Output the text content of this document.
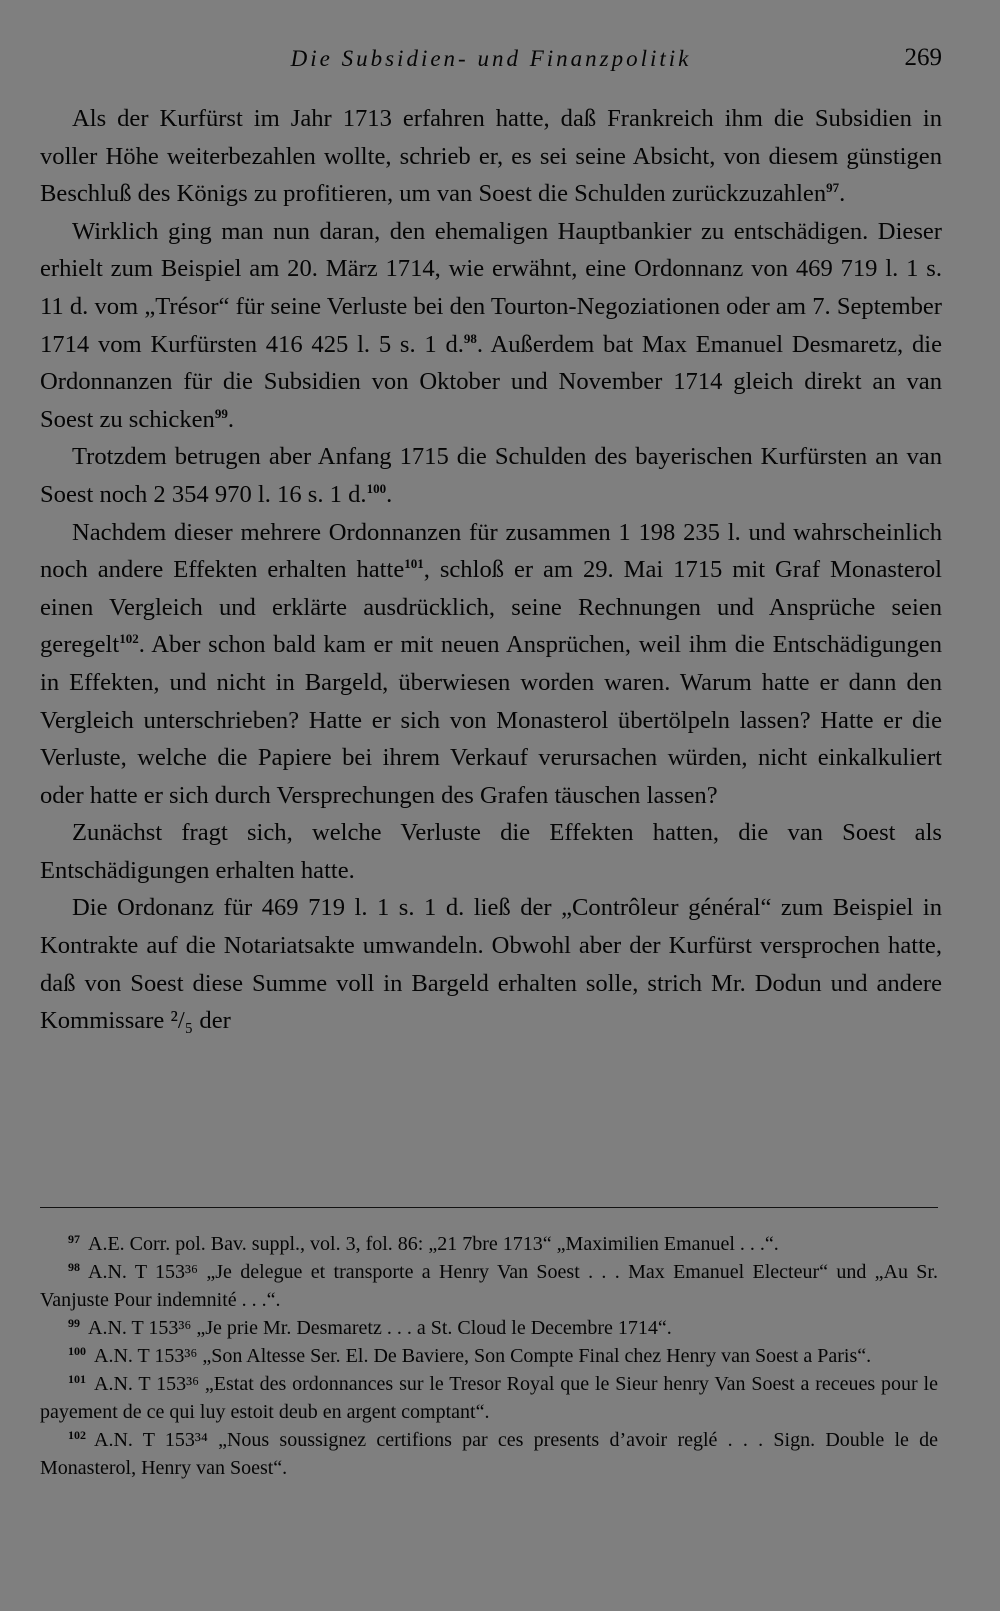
Die Subsidien- und Finanzpolitik	269

Als der Kurfürst im Jahr 1713 erfahren hatte, daß Frankreich ihm die Subsidien in voller Höhe weiterbezahlen wollte, schrieb er, es sei seine Absicht, von diesem günstigen Beschluß des Königs zu profitieren, um van Soest die Schulden zurückzuzahlen$^{97}$.

Wirklich ging man nun daran, den ehemaligen Hauptbankier zu entschädigen. Dieser erhielt zum Beispiel am 20. März 1714, wie erwähnt, eine Ordonnanz von 469 719 l. 1 s. 11 d. vom „Trésor“ für seine Verluste bei den Tourton-Negoziationen oder am 7. September 1714 vom Kurfürsten 416 425 l. 5 s. 1 d.$^{98}$. Außerdem bat Max Emanuel Desmaretz, die Ordonnanzen für die Subsidien von Oktober und November 1714 gleich direkt an van Soest zu schicken$^{99}$.

Trotzdem betrugen aber Anfang 1715 die Schulden des bayerischen Kurfürsten an van Soest noch 2 354 970 l. 16 s. 1 d.$^{100}$.

Nachdem dieser mehrere Ordonnanzen für zusammen 1 198 235 l. und wahrscheinlich noch andere Effekten erhalten hatte$^{101}$, schloß er am 29. Mai 1715 mit Graf Monasterol einen Vergleich und erklärte ausdrücklich, seine Rechnungen und Ansprüche seien geregelt$^{102}$. Aber schon bald kam er mit neuen Ansprüchen, weil ihm die Entschädigungen in Effekten, und nicht in Bargeld, überwiesen worden waren. Warum hatte er dann den Vergleich unterschrieben? Hatte er sich von Monasterol übertölpeln lassen? Hatte er die Verluste, welche die Papiere bei ihrem Verkauf verursachen würden, nicht einkalkuliert oder hatte er sich durch Versprechungen des Grafen täuschen lassen?

Zunächst fragt sich, welche Verluste die Effekten hatten, die van Soest als Entschädigungen erhalten hatte.

Die Ordonanz für 469 719 l. 1 s. 1 d. ließ der „Contrôleur général“ zum Beispiel in Kontrakte auf die Notariatsakte umwandeln. Obwohl aber der Kurfürst versprochen hatte, daß von Soest diese Summe voll in Bargeld erhalten solle, strich Mr. Dodun und andere Kommissare ²/₅ der

$^{97}$ A.E. Corr. pol. Bav. suppl., vol. 3, fol. 86: „21 7bre 1713“ „Maximilien Emanuel . . .“.

$^{98}$ A.N. T 153³⁶ „Je delegue et transporte a Henry Van Soest . . . Max Emanuel Electeur“ und „Au Sr. Vanjuste Pour indemnité . . .“.

$^{99}$ A.N. T 153³⁶ „Je prie Mr. Desmaretz . . . a St. Cloud le Decembre 1714“.

$^{100}$ A.N. T 153³⁶ „Son Altesse Ser. El. De Baviere, Son Compte Final chez Henry van Soest a Paris“.

$^{101}$ A.N. T 153³⁶ „Estat des ordonnances sur le Tresor Royal que le Sieur henry Van Soest a receues pour le payement de ce qui luy estoit deub en argent comptant“.

$^{102}$ A.N. T 153³⁴ „Nous soussignez certifions par ces presents d’avoir reglé . . . Sign. Double le de Monasterol, Henry van Soest“.
